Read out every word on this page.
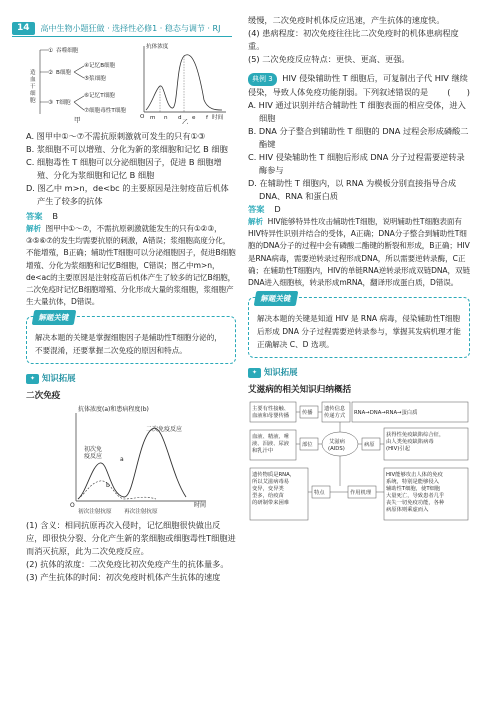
14	高中生物小题狂做 · 选择性必修1 · 稳态与调节 · RJ
造血干细胞
① 吞噬细胞
② B细胞
③ T细胞
④记忆B细胞
⑤浆细胞
⑥记忆T细胞
⑦细胞毒性T细胞
甲
抗体浓度
O m n d e f 时间
乙

A. 图甲中①～⑦不需抗原刺激就可发生的只有①③

B. 浆细胞不可以增殖、分化为新的浆细胞和记忆 B 细胞

C. 细胞毒性 T 细胞可以分泌细胞因子，促进 B 细胞增殖、分化为浆细胞和记忆 B 细胞

D. 图乙中 m>n，de<bc 的主要原因是注射疫苗后机体产生了较多的抗体

答案 B

解析 图甲中①～⑦，不需抗原刺激就能发生的只有①②③，③⑤⑥⑦的发生均需要抗原的刺激，A错误；浆细胞高度分化，不能增殖，B正确；辅助性T细胞可以分泌细胞因子，促进B细胞增殖、分化为浆细胞和记忆B细胞，C错误；图乙中m>n，de<ac的主要原因是注射疫苗后机体产生了较多的记忆B细胞，二次免疫时记忆B细胞增殖、分化形成大量的浆细胞，浆细胞产生大量抗体，D错误。

解题关键

解决本题的关键是掌握细胞因子是辅助性T细胞分泌的，不要混淆，还要掌握二次免疫的原因和特点。

✦ 知识拓展
二次免疫
抗体浓度(a)和患病程度(b)
二次免疫反应
初次免疫反应	a
b
O	时间
初次注射抗原 再次注射抗原

(1) 含义：相同抗原再次入侵时，记忆细胞很快做出反应，即很快分裂、分化产生新的浆细胞或细胞毒性T细胞进而消灭抗原，此为二次免疫反应。

(2) 抗体的浓度：二次免疫比初次免疫产生的抗体量多。

(3) 产生抗体的时间：初次免疫时机体产生抗体的速度

缓慢，二次免疫时机体反应迅速，产生抗体的速度快。

(4) 患病程度：初次免疫往往比二次免疫时的机体患病程度重。

(5) 二次免疫反应特点：更快、更高、更强。

典例 3 HIV 侵染辅助性 T 细胞后，可复制出子代 HIV 继续侵染，导致人体免疫功能削弱。下列叙述错误的是 (　　)

A. HIV 通过识别并结合辅助性 T 细胞表面的相应受体，进入细胞

B. DNA 分子整合到辅助性 T 细胞的 DNA 过程会形成磷酸二酯键

C. HIV 侵染辅助性 T 细胞后形成 DNA 分子过程需要逆转录酶参与

D. 在辅助性 T 细胞内，以 RNA 为模板分别直接指导合成 DNA、RNA 和蛋白质

答案 D

解析 HIV能够特异性攻击辅助性T细胞，说明辅助性T细胞表面有HIV特异性识别并结合的受体，A正确；DNA分子整合到辅助性T细胞的DNA分子的过程中会有磷酸二酯键的断裂和形成，B正确；HIV是RNA病毒，需要逆转录过程形成DNA，所以需要逆转录酶，C正确；在辅助性T细胞内，HIV的单链RNA逆转录形成双链DNA，双链DNA进入细胞核，转录形成mRNA，翻译形成蛋白质，D错误。

解题关键

解决本题的关键是知道 HIV 是 RNA 病毒，侵染辅助性T细胞后形成 DNA 分子过程需要逆转录参与，掌握其发病机理才能正确解决 C、D 选项。

✦ 知识拓展
艾滋病的相关知识归纳概括
主要有性接触、血液和母婴传播 传播
遗传信息传递方式 RNA→DNA→RNA→蛋白质
血液、精液、唾液、泪液、尿液和乳汁中
部位	艾滋病(AIDS)
病原
获得性免疫缺陷综合征，由人类免疫缺陷病毒(HIV)引起
遗传物质是RNA，所以艾滋病毒易变异，变异类型多，给疫苗的研制带来困难
特点	作用机理
HIV能够攻击人体的免疫系统，特别是能够侵入辅助性T细胞，使T细胞大量死亡，导致患者几乎丧失一切免疫功能，各种病原体则乘虚而入
